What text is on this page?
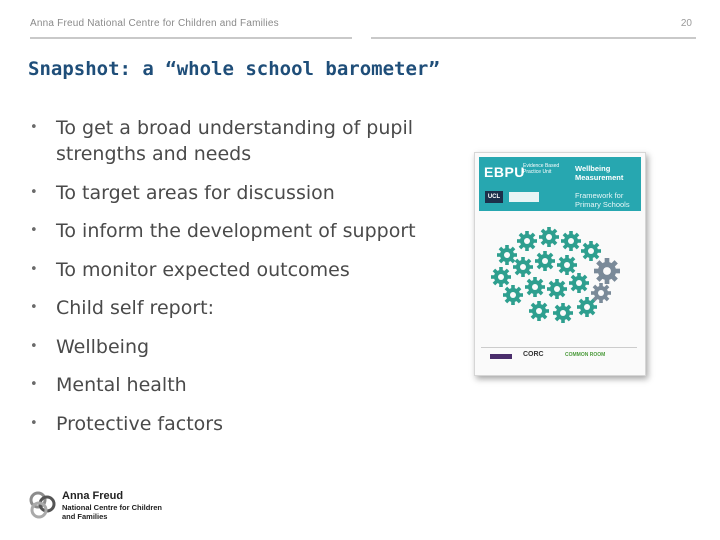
Anna Freud National Centre for Children and Families	20
Snapshot: a “whole school barometer”
• To get a broad understanding of pupil strengths and needs
• To target areas for discussion
• To inform the development of support
• To monitor expected outcomes
• Child self report:
• Wellbeing
• Mental health
• Protective factors
EBPU
Evidence Based Practice Unit	Wellbeing Measurement
Framework for Primary Schools
UCL
CORC	COMMON ROOM
Anna Freud
National Centre for Children and Families
